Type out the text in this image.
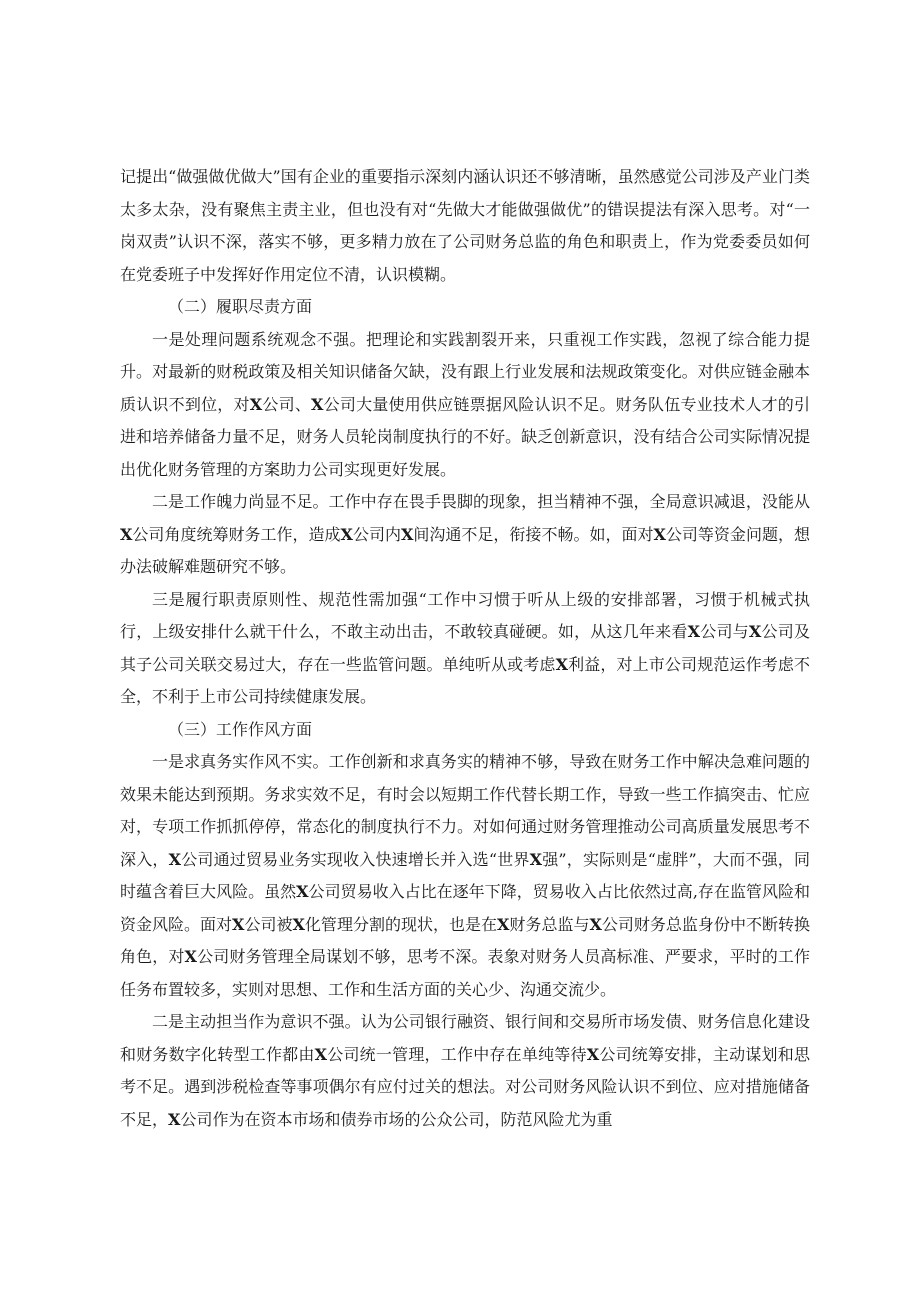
记提出“做强做优做大”国有企业的重要指示深刻内涵认识还不够清晰，虽然感觉公司涉及产业门类太多太杂，没有聚焦主责主业，但也没有对“先做大才能做强做优”的错误提法有深入思考。对“一岗双责”认识不深，落实不够，更多精力放在了公司财务总监的角色和职责上，作为党委委员如何在党委班子中发挥好作用定位不清，认识模糊。

（二）履职尽责方面

一是处理问题系统观念不强。把理论和实践割裂开来，只重视工作实践，忽视了综合能力提升。对最新的财税政策及相关知识储备欠缺，没有跟上行业发展和法规政策变化。对供应链金融本质认识不到位，对X公司、X公司大量使用供应链票据风险认识不足。财务队伍专业技术人才的引进和培养储备力量不足，财务人员轮岗制度执行的不好。缺乏创新意识，没有结合公司实际情况提出优化财务管理的方案助力公司实现更好发展。

二是工作魄力尚显不足。工作中存在畏手畏脚的现象，担当精神不强，全局意识减退，没能从X公司角度统筹财务工作，造成X公司内X间沟通不足，衔接不畅。如，面对X公司等资金问题，想办法破解难题研究不够。

三是履行职责原则性、规范性需加强“工作中习惯于听从上级的安排部署，习惯于机械式执行，上级安排什么就干什么，不敢主动出击，不敢较真碰硬。如，从这几年来看X公司与X公司及其子公司关联交易过大，存在一些监管问题。单纯听从或考虑X利益，对上市公司规范运作考虑不全，不利于上市公司持续健康发展。

（三）工作作风方面

一是求真务实作风不实。工作创新和求真务实的精神不够，导致在财务工作中解决急难问题的效果未能达到预期。务求实效不足，有时会以短期工作代替长期工作，导致一些工作搞突击、忙应对，专项工作抓抓停停，常态化的制度执行不力。对如何通过财务管理推动公司高质量发展思考不深入，X公司通过贸易业务实现收入快速增长并入选“世界X强”，实际则是“虚胖”，大而不强，同时蕴含着巨大风险。虽然X公司贸易收入占比在逐年下降，贸易收入占比依然过高,存在监管风险和资金风险。面对X公司被X化管理分割的现状，也是在X财务总监与X公司财务总监身份中不断转换角色，对X公司财务管理全局谋划不够，思考不深。表象对财务人员高标准、严要求，平时的工作任务布置较多，实则对思想、工作和生活方面的关心少、沟通交流少。

二是主动担当作为意识不强。认为公司银行融资、银行间和交易所市场发债、财务信息化建设和财务数字化转型工作都由X公司统一管理，工作中存在单纯等待X公司统筹安排，主动谋划和思考不足。遇到涉税检查等事项偶尔有应付过关的想法。对公司财务风险认识不到位、应对措施储备不足，X公司作为在资本市场和债券市场的公众公司，防范风险尤为重
